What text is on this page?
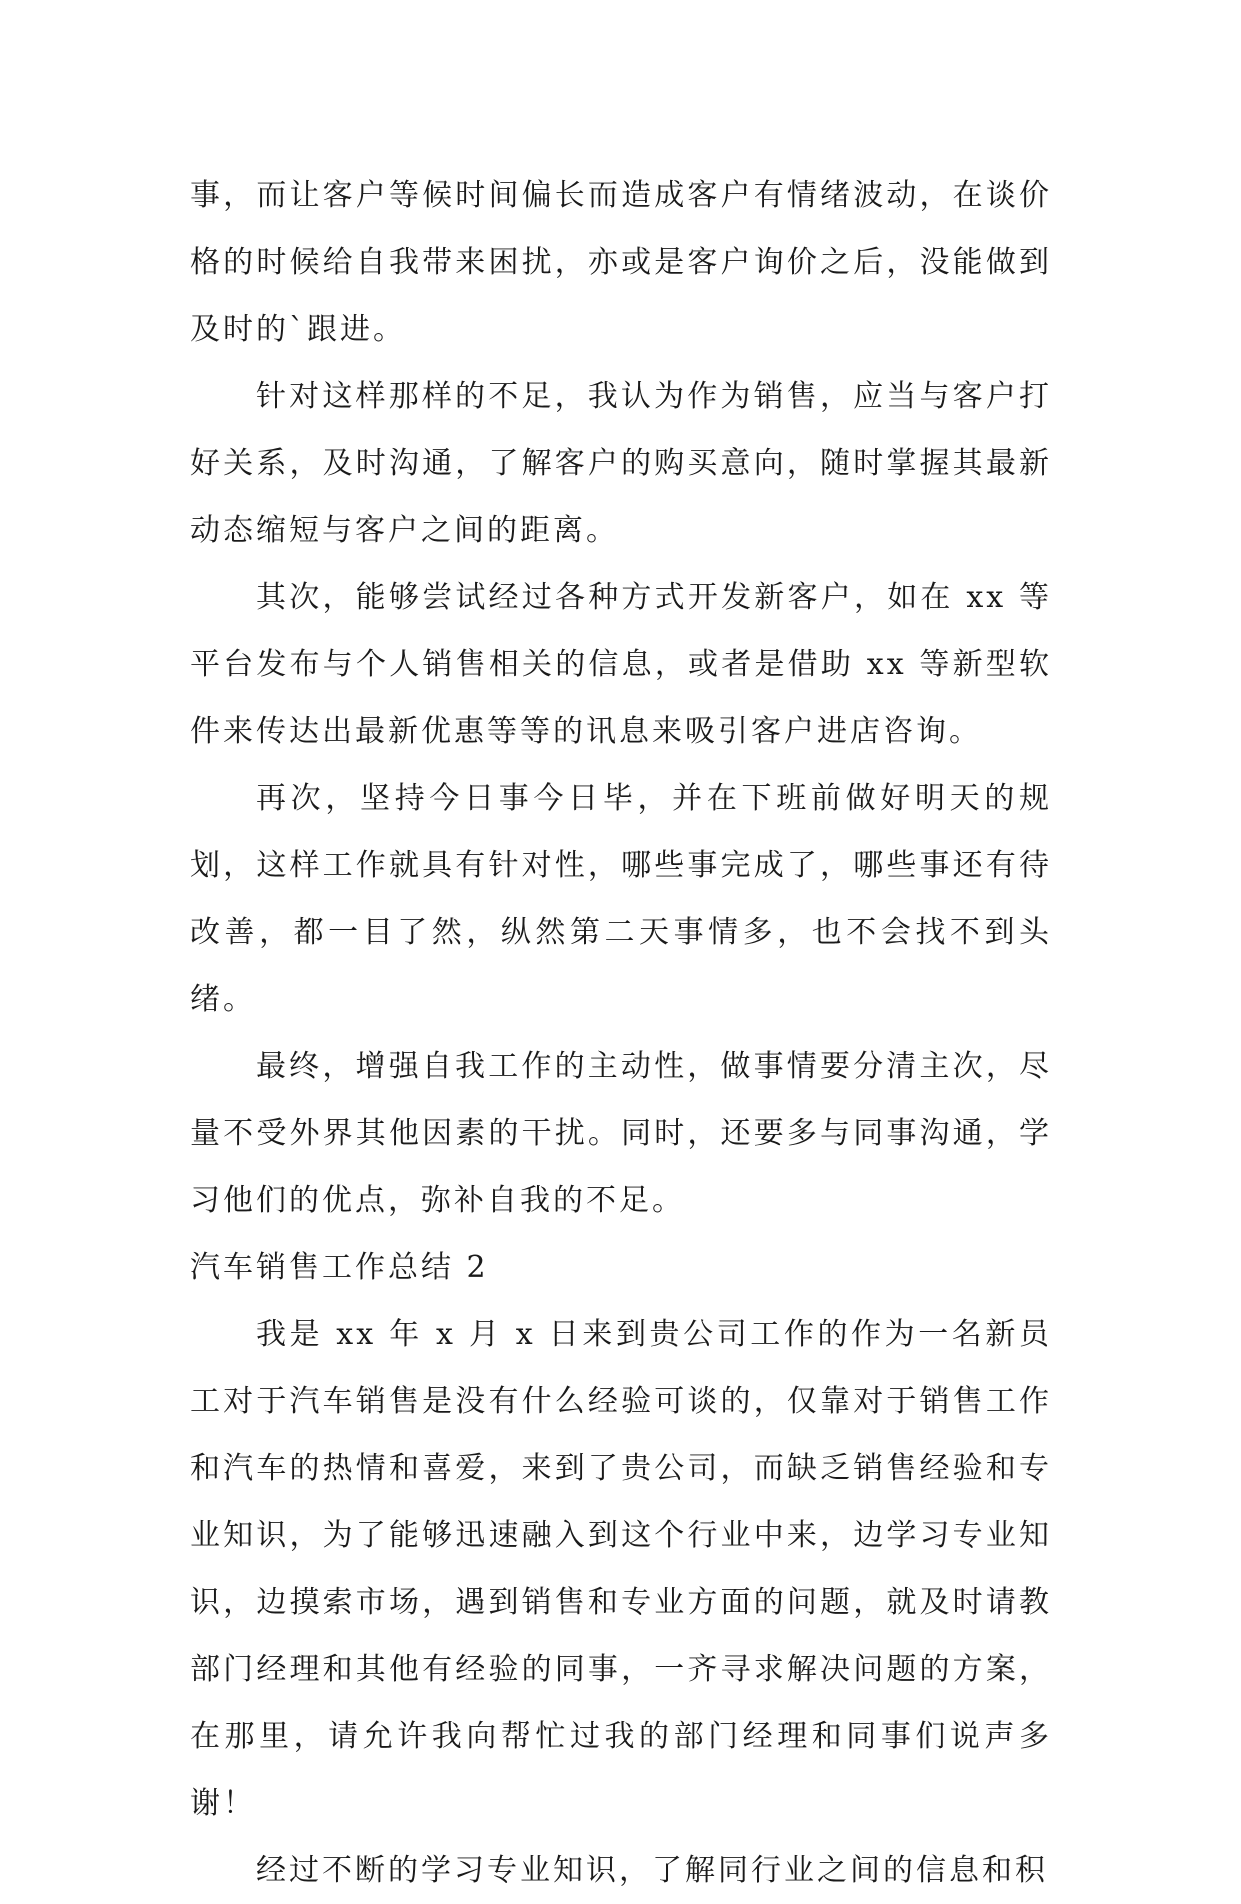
事，而让客户等候时间偏长而造成客户有情绪波动，在谈价格的时候给自我带来困扰，亦或是客户询价之后，没能做到及时的`跟进。

针对这样那样的不足，我认为作为销售，应当与客户打好关系，及时沟通，了解客户的购买意向，随时掌握其最新动态缩短与客户之间的距离。

其次，能够尝试经过各种方式开发新客户，如在 xx 等平台发布与个人销售相关的信息，或者是借助 xx 等新型软件来传达出最新优惠等等的讯息来吸引客户进店咨询。

再次，坚持今日事今日毕，并在下班前做好明天的规划，这样工作就具有针对性，哪些事完成了，哪些事还有待改善，都一目了然，纵然第二天事情多，也不会找不到头绪。

最终，增强自我工作的主动性，做事情要分清主次，尽量不受外界其他因素的干扰。同时，还要多与同事沟通，学习他们的优点，弥补自我的不足。

汽车销售工作总结 2

我是 xx 年 x 月 x 日来到贵公司工作的作为一名新员工对于汽车销售是没有什么经验可谈的，仅靠对于销售工作和汽车的热情和喜爱，来到了贵公司，而缺乏销售经验和专业知识，为了能够迅速融入到这个行业中来，边学习专业知识，边摸索市场，遇到销售和专业方面的问题，就及时请教部门经理和其他有经验的同事，一齐寻求解决问题的方案，在那里，请允许我向帮忙过我的部门经理和同事们说声多谢！

经过不断的学习专业知识，了解同行业之间的信息和积
